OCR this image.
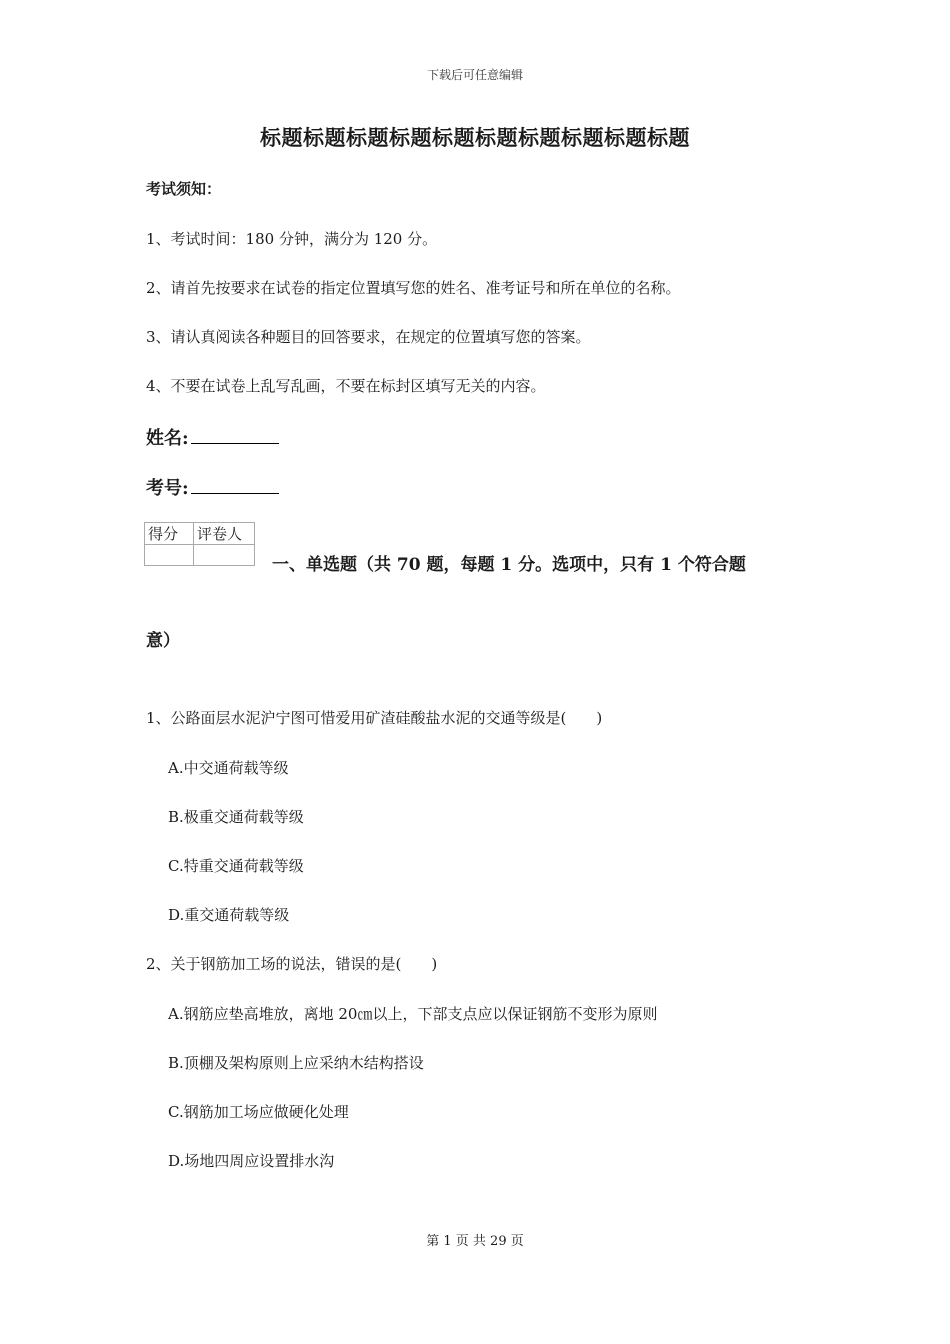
下载后可任意编辑
标题标题标题标题标题标题标题标题标题标题
考试须知：
1、考试时间：180 分钟，满分为 120 分。
2、请首先按要求在试卷的指定位置填写您的姓名、准考证号和所在单位的名称。
3、请认真阅读各种题目的回答要求，在规定的位置填写您的答案。
4、不要在试卷上乱写乱画，不要在标封区填写无关的内容。
姓名:
考号:
得分	评卷人

一、单选题（共 70 题，每题 1 分。选项中，只有 1 个符合题
意）
1、公路面层水泥沪宁图可惜爱用矿渣硅酸盐水泥的交通等级是(　　)
A.中交通荷载等级
B.极重交通荷载等级
C.特重交通荷载等级
D.重交通荷载等级
2、关于钢筋加工场的说法，错误的是(　　)
A.钢筋应垫高堆放，离地 20㎝以上，下部支点应以保证钢筋不变形为原则
B.顶棚及架构原则上应采纳木结构搭设
C.钢筋加工场应做硬化处理
D.场地四周应设置排水沟
第 1 页 共 29 页
